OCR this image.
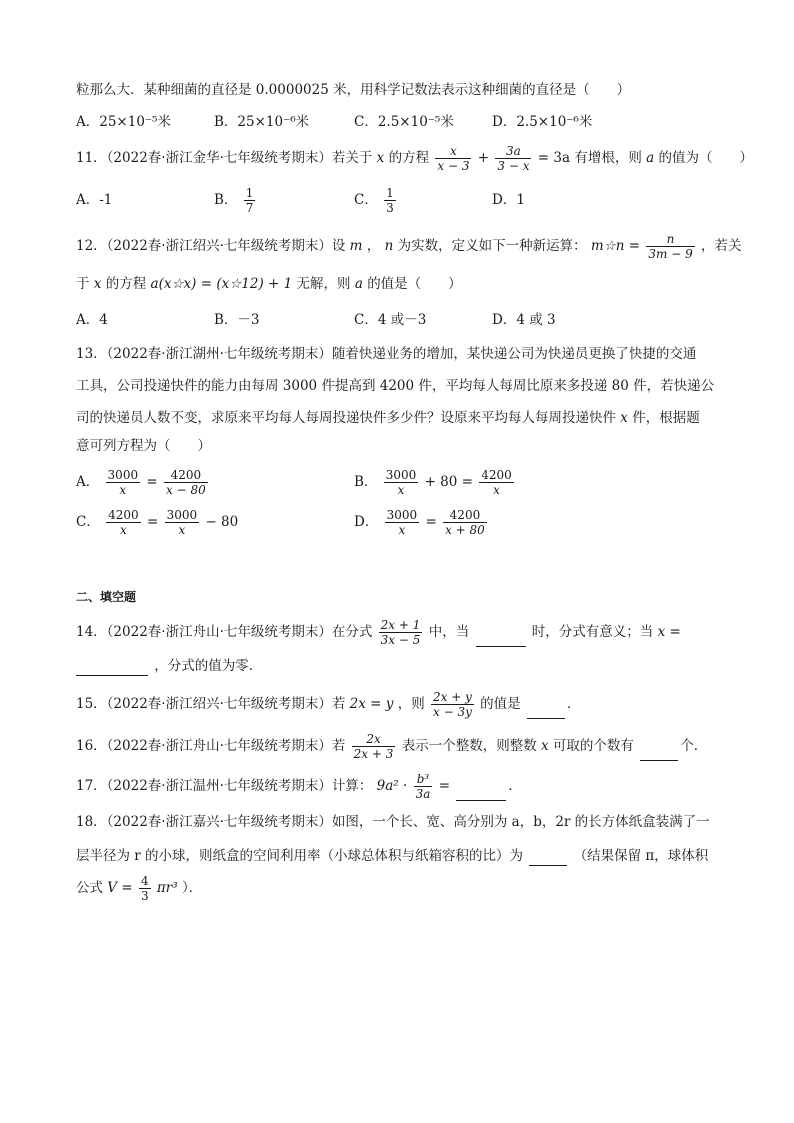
粒那么大．某种细菌的直径是 0.0000025 米，用科学记数法表示这种细菌的直径是（　　）
A．25×10⁻⁵米	B．25×10⁻⁶米	C．2.5×10⁻⁵米	D．2.5×10⁻⁶米
11．（2022春·浙江金华·七年级统考期末）若关于 x 的方程 $\frac{x}{x - 3} + \frac{3a}{3 - x} = 3a$ 有增根，则 a 的值为（　　）
A．-1	B． $\frac{1}{7}$	C． $\frac{1}{3}$	D．1
12．（2022春·浙江绍兴·七年级统考期末）设 m ， n 为实数，定义如下一种新运算： m☆n = $\frac{n}{3m - 9}$ ，若关
于 x 的方程 a(x☆x) = (x☆12) + 1 无解，则 a 的值是（　　）
A．4	B．－3	C．4 或－3	D．4 或 3
13．（2022春·浙江湖州·七年级统考期末）随着快递业务的增加，某快递公司为快递员更换了快捷的交通
工具，公司投递快件的能力由每周 3000 件提高到 4200 件，平均每人每周比原来多投递 80 件，若快递公
司的快递员人数不变，求原来平均每人每周投递快件多少件？设原来平均每人每周投递快件 x 件，根据题
意可列方程为（　　）
A． $\frac{3000}{x} = \frac{4200}{x - 80}$	B． $\frac{3000}{x} + 80 = \frac{4200}{x}$
C． $\frac{4200}{x} = \frac{3000}{x} - 80$	D． $\frac{3000}{x} = \frac{4200}{x + 80}$
二、填空题
14．（2022春·浙江舟山·七年级统考期末）在分式 $\frac{2x + 1}{3x - 5}$ 中，当	时，分式有意义；当 x =
，分式的值为零．
15．（2022春·浙江绍兴·七年级统考期末）若 2x = y ，则 $\frac{2x + y}{x - 3y}$ 的值是	．
16．（2022春·浙江舟山·七年级统考期末）若 $\frac{2x}{2x + 3}$ 表示一个整数，则整数 x 可取的个数有	个．
17．（2022春·浙江温州·七年级统考期末）计算： $9a^2 \cdot \frac{\text{b³}}{3a}$ =	．
18．（2022春·浙江嘉兴·七年级统考期末）如图，一个长、宽、高分别为 a，b，2r 的长方体纸盒装满了一
层半径为 r 的小球，则纸盒的空间利用率（小球总体积与纸箱容积的比）为	（结果保留 π，球体积
公式 $V = \frac{4}{3} \pi r^3$ ）．
